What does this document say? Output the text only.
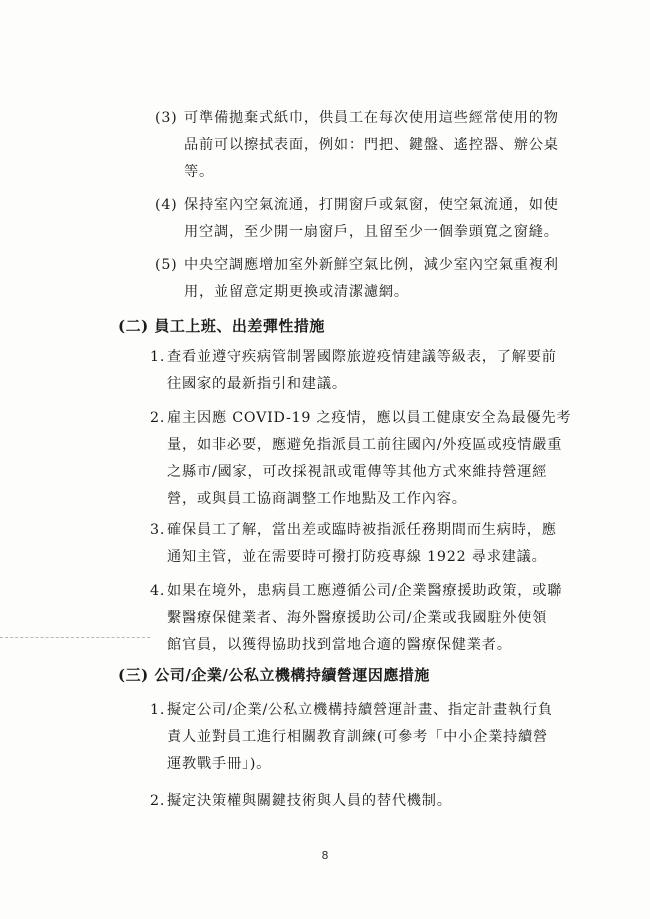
(3) 可準備拋棄式紙巾，供員工在每次使用這些經常使用的物
品前可以擦拭表面，例如：門把、鍵盤、遙控器、辦公桌
等。
(4) 保持室內空氣流通，打開窗戶或氣窗，使空氣流通，如使
用空調，至少開一扇窗戶，且留至少一個拳頭寬之窗縫。
(5) 中央空調應增加室外新鮮空氣比例，減少室內空氣重複利
用，並留意定期更換或清潔濾網。
(二) 員工上班、出差彈性措施
1. 查看並遵守疾病管制署國際旅遊疫情建議等級表，了解要前
往國家的最新指引和建議。
2. 雇主因應 COVID-19 之疫情，應以員工健康安全為最優先考
量，如非必要，應避免指派員工前往國內/外疫區或疫情嚴重
之縣市/國家，可改採視訊或電傳等其他方式來維持營運經
營，或與員工協商調整工作地點及工作內容。
3. 確保員工了解，當出差或臨時被指派任務期間而生病時，應
通知主管，並在需要時可撥打防疫專線 1922 尋求建議。
4. 如果在境外，患病員工應遵循公司/企業醫療援助政策，或聯
繫醫療保健業者、海外醫療援助公司/企業或我國駐外使領
館官員，以獲得協助找到當地合適的醫療保健業者。
(三) 公司/企業/公私立機構持續營運因應措施
1. 擬定公司/企業/公私立機構持續營運計畫、指定計畫執行負
責人並對員工進行相關教育訓練(可參考「中小企業持續營
運教戰手冊」)。
2. 擬定決策權與關鍵技術與人員的替代機制。
8
